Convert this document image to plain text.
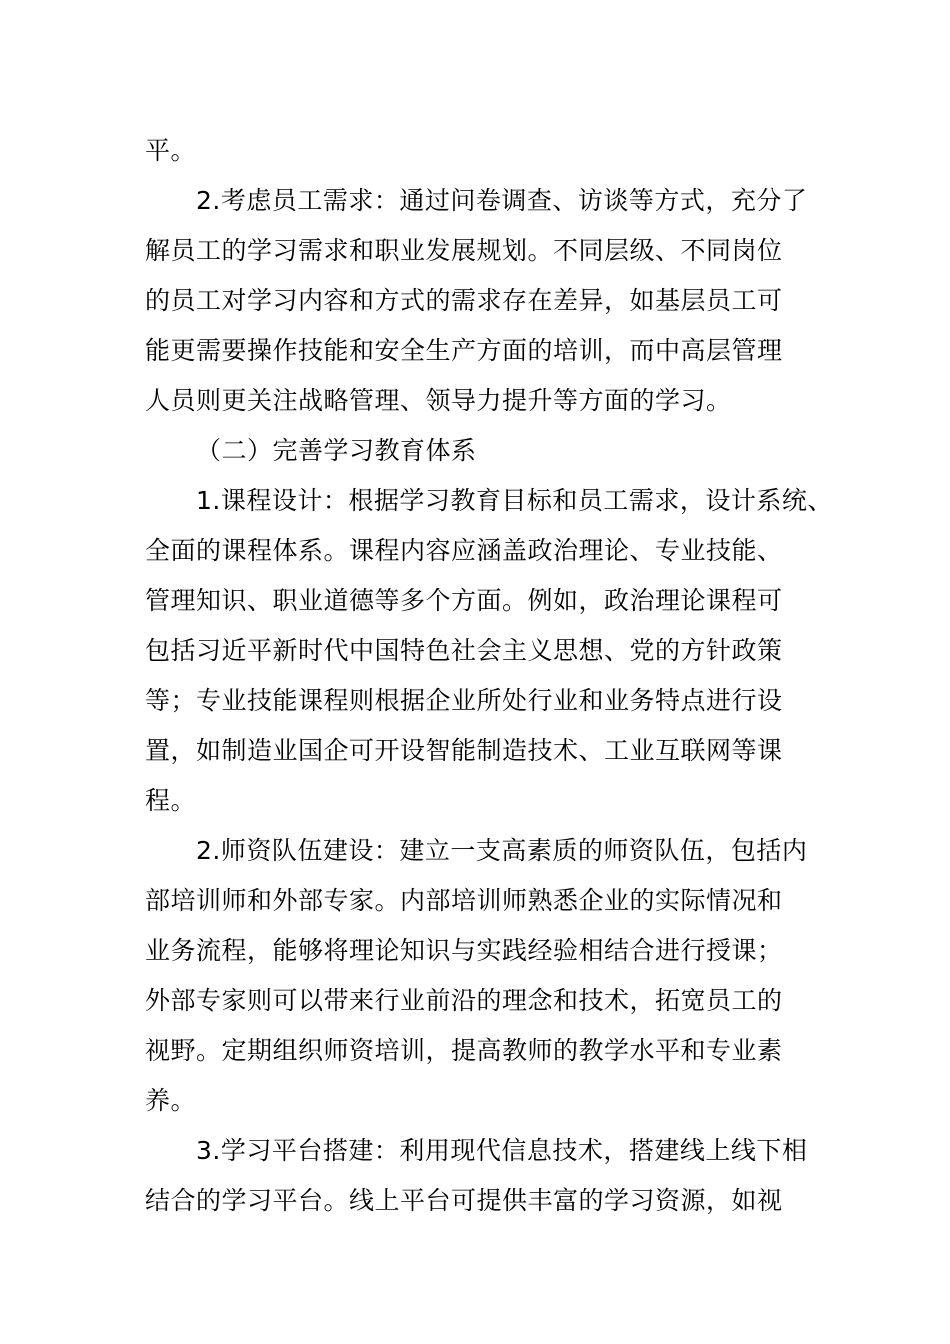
平。
2.考虑员工需求：通过问卷调查、访谈等方式，充分了
解员工的学习需求和职业发展规划。不同层级、不同岗位
的员工对学习内容和方式的需求存在差异，如基层员工可
能更需要操作技能和安全生产方面的培训，而中高层管理
人员则更关注战略管理、领导力提升等方面的学习。
（二）完善学习教育体系
1.课程设计：根据学习教育目标和员工需求，设计系统、
全面的课程体系。课程内容应涵盖政治理论、专业技能、
管理知识、职业道德等多个方面。例如，政治理论课程可
包括习近平新时代中国特色社会主义思想、党的方针政策
等；专业技能课程则根据企业所处行业和业务特点进行设
置，如制造业国企可开设智能制造技术、工业互联网等课
程。
2.师资队伍建设：建立一支高素质的师资队伍，包括内
部培训师和外部专家。内部培训师熟悉企业的实际情况和
业务流程，能够将理论知识与实践经验相结合进行授课；
外部专家则可以带来行业前沿的理念和技术，拓宽员工的
视野。定期组织师资培训，提高教师的教学水平和专业素
养。
3.学习平台搭建：利用现代信息技术，搭建线上线下相
结合的学习平台。线上平台可提供丰富的学习资源，如视
